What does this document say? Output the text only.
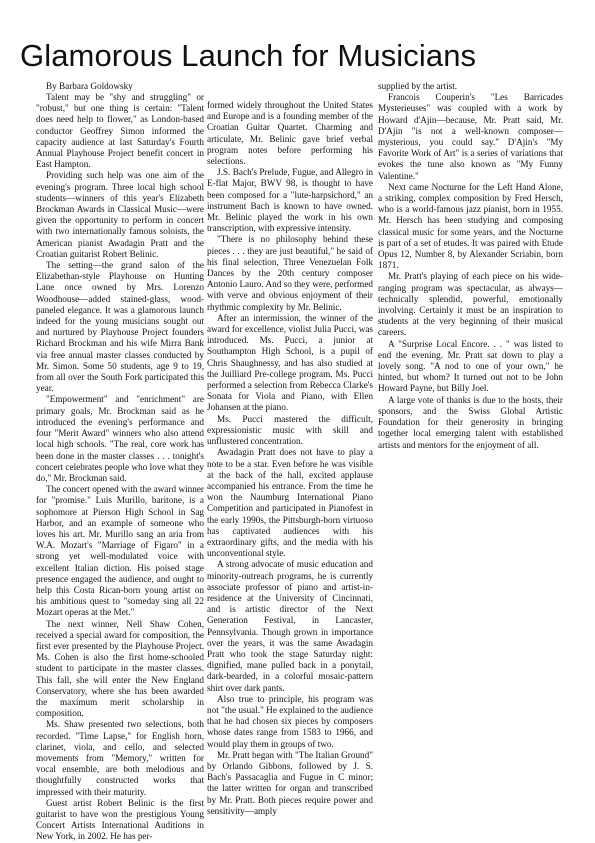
Glamorous Launch for Musicians
By Barbara Goldowsky

Talent may be "shy and struggling" or "robust," but one thing is certain: "Talent does need help to flower," as London-based conductor Geoffrey Simon informed the capacity audience at last Saturday's Fourth Annual Playhouse Project benefit concert in East Hampton.

Providing such help was one aim of the evening's program. Three local high school students—winners of this year's Elizabeth Brockman Awards in Classical Music—were given the opportunity to perform in concert with two internationally famous soloists, the American pianist Awadagin Pratt and the Croatian guitarist Robert Belinic.

The setting—the grand salon of the Elizabethan-style Playhouse on Hunting Lane once owned by Mrs. Lorenzo Woodhouse—added stained-glass, wood-paneled elegance. It was a glamorous launch indeed for the young musicians sought out and nurtured by Playhouse Project founders Richard Brockman and his wife Mirra Bank via free annual master classes conducted by Mr. Simon. Some 50 students, age 9 to 19, from all over the South Fork participated this year.

"Empowerment" and "enrichment" are primary goals, Mr. Brockman said as he introduced the evening's performance and four "Merit Award" winners who also attend local high schools. "The real, core work has been done in the master classes . . . tonight's concert celebrates people who love what they do," Mr. Brockman said.

The concert opened with the award winner for "promise." Luis Murillo, baritone, is a sophomore at Pierson High School in Sag Harbor, and an example of someone who loves his art. Mr. Murillo sang an aria from W.A. Mozart's "Marriage of Figaro" in a strong yet well-modulated voice with excellent Italian diction. His poised stage presence engaged the audience, and ought to help this Costa Rican-born young artist on his ambitious quest to "someday sing all 22 Mozart operas at the Met."

The next winner, Nell Shaw Cohen, received a special award for composition, the first ever presented by the Playhouse Project. Ms. Cohen is also the first home-schooled student to participate in the master classes. This fall, she will enter the New England Conservatory, where she has been awarded the maximum merit scholarship in composition.

Ms. Shaw presented two selections, both recorded. "Time Lapse," for English horn, clarinet, viola, and cello, and selected movements from "Memory," written for vocal ensemble, are both melodious and thoughtfully constructed works that impressed with their maturity.

Guest artist Robert Belinic is the first guitarist to have won the prestigious Young Concert Artists International Auditions in New York, in 2002. He has per-

formed widely throughout the United States and Europe and is a founding member of the Croatian Guitar Quartet. Charming and articulate, Mr. Belinic gave brief verbal program notes before performing his selections.

J.S. Bach's Prelude, Fugue, and Allegro in E-flat Major, BWV 98, is thought to have been composed for a "lute-harpsichord," an instrument Bach is known to have owned. Mr. Belinic played the work in his own transcription, with expressive intensity.

"There is no philosophy behind these pieces . . . they are just beautiful," he said of his final selection, Three Venezuelan Folk Dances by the 20th century composer Antonio Lauro. And so they were, performed with verve and obvious enjoyment of their rhythmic complexity by Mr. Belinic.

After an intermission, the winner of the award for excellence, violist Julia Pucci, was introduced. Ms. Pucci, a junior at Southampton High School, is a pupil of Chris Shaughnessy, and has also studied at the Juilliard Pre-college program. Ms. Pucci performed a selection from Rebecca Clarke's Sonata for Viola and Piano, with Ellen Johansen at the piano.

Ms. Pucci mastered the difficult, expressionistic music with skill and unflustered concentration.

Awadagin Pratt does not have to play a note to be a star. Even before he was visible at the back of the hall, excited applause accompanied his entrance. From the time he won the Naumburg International Piano Competition and participated in Pianofest in the early 1990s, the Pittsburgh-born virtuoso has captivated audiences with his extraordinary gifts, and the media with his unconventional style.

A strong advocate of music education and minority-outreach programs, he is currently associate professor of piano and artist-in-residence at the University of Cincinnati, and is artistic director of the Next Generation Festival, in Lancaster, Pennsylvania. Though grown in importance over the years, it was the same Awadagin Pratt who took the stage Saturday night: dignified, mane pulled back in a ponytail, dark-bearded, in a colorful mosaic-pattern shirt over dark pants.

Also true to principle, his program was not "the usual." He explained to the audience that he had chosen six pieces by composers whose dates range from 1583 to 1966, and would play them in groups of two.

Mr. Pratt began with "The Italian Ground" by Orlando Gibbons, followed by J. S. Bach's Passacaglia and Fugue in C minor; the latter written for organ and transcribed by Mr. Pratt. Both pieces require power and sensitivity—amply

supplied by the artist.

Francois Couperin's "Les Barricades Mysterieuses" was coupled with a work by Howard d'Ajin—because, Mr. Pratt said, Mr. D'Ajin "is not a well-known composer—mysterious, you could say." D'Ajin's "My Favorite Work of Art" is a series of variations that evokes the tune also known as "My Funny Valentine."

Next came Nocturne for the Left Hand Alone, a striking, complex composition by Fred Hersch, who is a world-famous jazz pianist, born in 1955. Mr. Hersch has been studying and composing classical music for some years, and the Nocturne is part of a set of etudes. It was paired with Etude Opus 12, Number 8, by Alexander Scriabin, born 1871.

Mr. Pratt's playing of each piece on his wide-ranging program was spectacular, as always—technically splendid, powerful, emotionally involving. Certainly it must be an inspiration to students at the very beginning of their musical careers.

A "Surprise Local Encore. . . " was listed to end the evening. Mr. Pratt sat down to play a lovely song. "A nod to one of your own," he hinted, but whom? It turned out not to be John Howard Payne, but Billy Joel.

A large vote of thanks is due to the hosts, their sponsors, and the Swiss Global Artistic Foundation for their generosity in bringing together local emerging talent with established artists and mentors for the enjoyment of all.
